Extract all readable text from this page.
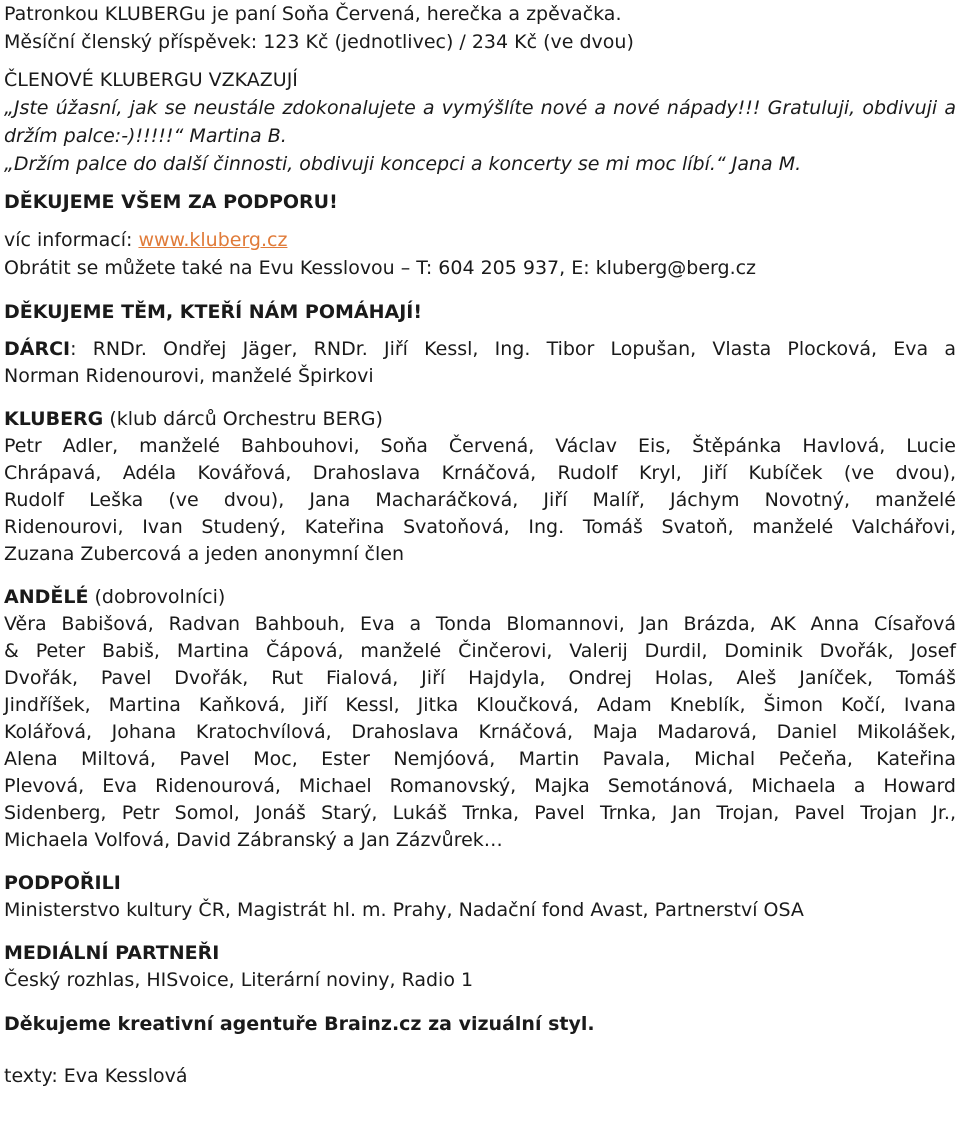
Patronkou KLUBERGu je paní Soňa Červená, herečka a zpěvačka.
Měsíční členský příspěvek: 123 Kč (jednotlivec) / 234 Kč (ve dvou)
ČLENOVÉ KLUBERGU VZKAZUJÍ
„Jste úžasní, jak se neustále zdokonalujete a vymýšlíte nové a nové nápady!!! Gratuluji, obdivuji a
držím palce:-)!!!!!“ Martina B.
„Držím palce do další činnosti, obdivuji koncepci a koncerty se mi moc líbí.“ Jana M.
DĚKUJEME VŠEM ZA PODPORU!
víc informací: www.kluberg.cz
Obrátit se můžete také na Evu Kesslovou – T: 604 205 937, E: kluberg@berg.cz
DĚKUJEME TĚM, KTEŘÍ NÁM POMÁHAJÍ!
DÁRCI: RNDr. Ondřej Jäger, RNDr. Jiří Kessl, Ing. Tibor Lopušan, Vlasta Plocková, Eva a
Norman Ridenourovi, manželé Špirkovi
KLUBERG (klub dárců Orchestru BERG)
Petr Adler, manželé Bahbouhovi, Soňa Červená, Václav Eis, Štěpánka Havlová, Lucie
Chrápavá, Adéla Kovářová, Drahoslava Krnáčová, Rudolf Kryl, Jiří Kubíček (ve dvou),
Rudolf Leška (ve dvou), Jana Macharáčková, Jiří Malíř, Jáchym Novotný, manželé
Ridenourovi, Ivan Studený, Kateřina Svatoňová, Ing. Tomáš Svatoň, manželé Valchářovi,
Zuzana Zubercová a jeden anonymní člen
ANDĚLÉ (dobrovolníci)
Věra Babišová, Radvan Bahbouh, Eva a Tonda Blomannovi, Jan Brázda, AK Anna Císařová
& Peter Babiš, Martina Čápová, manželé Činčerovi, Valerij Durdil, Dominik Dvořák, Josef
Dvořák, Pavel Dvořák, Rut Fialová, Jiří Hajdyla, Ondrej Holas, Aleš Janíček, Tomáš
Jindříšek, Martina Kaňková, Jiří Kessl, Jitka Kloučková, Adam Kneblík, Šimon Kočí, Ivana
Kolářová, Johana Kratochvílová, Drahoslava Krnáčová, Maja Madarová, Daniel Mikolášek,
Alena Miltová, Pavel Moc, Ester Nemjóová, Martin Pavala, Michal Pečeňa, Kateřina
Plevová, Eva Ridenourová, Michael Romanovský, Majka Semotánová, Michaela a Howard
Sidenberg, Petr Somol, Jonáš Starý, Lukáš Trnka, Pavel Trnka, Jan Trojan, Pavel Trojan Jr.,
Michaela Volfová, David Zábranský a Jan Zázvůrek…
PODPOŘILI
Ministerstvo kultury ČR, Magistrát hl. m. Prahy, Nadační fond Avast, Partnerství OSA
MEDIÁLNÍ PARTNEŘI
Český rozhlas, HISvoice, Literární noviny, Radio 1
Děkujeme kreativní agentuře Brainz.cz za vizuální styl.
texty: Eva Kesslová
